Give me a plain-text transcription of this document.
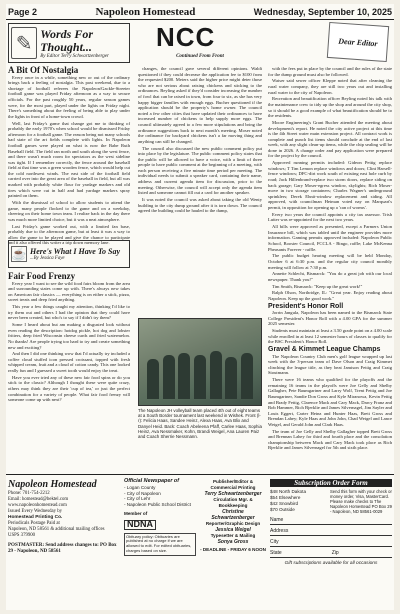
Page 2	Napoleon Homestead	Wednesday, September 10, 2025
✎ Words For Thought...
By Editor Terry Schwartzenberger
NCC
Continued From Front
Dear Editor
A Bit Of Nostalgia

Every once in a while, something new or out of the ordinary brings back a feeling of nostalgia. This past weekend, due to a shortage of football referees the Napoleon/Gackle-Streeter football game was played Friday afternoon as a way to secure officials. For the past roughly 50 years, regular season games were, for the most part, played under the lights on Friday night. There's something about the feeling of being able to play under the lights in front of a home-town crowd.

Well, last Friday's game that change got me to thinking of probably the early 1970's when school would be dismissed Friday afternoon for a football game. The reason being not many schools had state of the art fields complete with lights. In Napoleon football games were played on what is now the Babe Ruth Baseball field. The field ran north and south along the west fence, and there wasn't much room for spectators as the west sideline was tight. If I remember correctly, the fence around the baseball field at that time was a green wooden fence, which would help cut the cold northwest winds. The east side of the football field carried over into the great area of the baseball in field, but all was marked with probably white flour for yardage markers and old tires which were cut in half and had yardage markers spray painted on them.

With the dismissal of school to allow students to attend the game, many people flocked to the game and on a weekday, cheering on their home town team. I realize back in the day there was much more limited choice, but it was a neat atmosphere.

Last Friday's game worked out, with a limited fan base, probably due to the afternoon game, but at least it was a way to allow the game to be played and give the chance to participate and it also offered this writer a trip down memory lane.

☕ Here's What I Have To Say
...By Jessica Faye
Fair Food Frenzy

Every year I want to see the wild food fairs bloom from the area and surrounding states come up with. There's always new takes on American fair classics — everything is on either a stick, pizza, sweet treats and deep fried anything.

This year a few things caught my attention, thinking I'd like to try them out and others I had the opinion that they could have never been created, but who's to say if I didn't try them?

Some I heard about but am making a disgusted look without even reading the description: hotdog pickle, hot dog and lobster fritters, deep fried Wisconsin cheese curds and fried watermelon. No thanks! Are people trying too hard to try and create something new and exciting?

And then I did one thinking wow that I'd actually try included a coffee cloud stuffed icon pressed croissant, topped with fresh whipped cream, fruit and a cloud of cotton candy. This one looked really fun and I guessed a sweet tooth would enjoy the treat.

Have you ever tried any of these new fair food spins or do you stick to the classic? Although I thought these were quite crazy, others may think they are their 'cup of tea,' or just the perfect combination for a variety of people. What fair food frenzy will someone come up with next?

changes, the council gave several different opinions. Waldi questioned if they could decrease the application fee to $100 from the requested $200. Meiers said the higher price might deter those who are not serious about raising chickens and sticking to the ordinances. Beyling asked if they'd consider increasing the number of fowl that can be raised in town, from four to six, as she has very happy bigger families with enough eggs. Bucher questioned if the application should be the property's home owner. The council noted a few other cities that have updated their ordinances to have increased number of chickens to help supply more eggs. The council ultimately agreed to a few more stipulations and bring the ordinance suggestions back to next month's meeting. Moser noted the ordinance for backyard chickens isn't a far moving thing and anything can still be changed.

The council also discussed the new public comment policy put into place by the legislature. The public comment policy states that the public will be allowed to have a voice, with a limit of three people to have public comment at the beginning of a meeting, with each person receiving a five minute time period per meeting. The individual needs to submit a speaker card, containing their name, address and current agenda item for discussion, prior to the meeting. Otherwise, the council will accept only the agenda item listed and someone cannot fill out a card for another speaker.

It was noted the council was asked about taking the old Wenty building to the city dump ground after it is torn down. The council agreed the building could be hauled to the dump,

The Napoleon JH volleyball team placed 4th out of eight teams at a South Border tournament last weekend in Wishek. Front (l-r): Felicia Haas, Sandee Heinz, Alexa Haas, Ava Blix and Danyel Heid. Back: Coach Abeleena Pfaff, Carlee Haas, Sophia Heinz, Ava Nessmaker, Kohn, Brandi Weigel, Ana Lauren Paiz and Coach Sherrie Nessmann.

with the fees put in place by the council and the rules of the state for the dump ground must also be followed.

Waiser said sewer officer Kleppe noted that after cleaning the rural water company, they are still two years out and installing rural water to the city of Napoleon.

Recreation and beautification officer Beyling noted his talk with the maintenance crew to tidy up the shop and around the city shop, so it should be a good example of what beautification should be to the residents.

Moore Engineering's Grant Bucher attended the meeting about development's report. He noted the city active project at this time is the 4th Street water main extension project. All contract work is complete and punch list items should conclude at the end of last week, with any slight clean-up items, while the chip sealing will be done in 2026. A change order and pay application were prepared for the project by the council.

Approved running permits included: Gideon Pettig replace windows; T Tim Lemon replace windows and doors; Clint Harsell-fence windows; DFC-dirt work south of existing east hole curb by road; Jack Hillenbrand-replace two storm doors, replace siding on back garage; Gary Moser-egress window, skylights; Rich Moser-move in two storage containers; Charles Wagner's underground sprinklers; Derek Ehnit-window replacement and siding. All approved, with councilman Heiman voted nay on Marquart's permit, in opposition for opening up a 'can of worms'.

Every two years the council appoints a city tax assessor. Trish Lutter was re-appointed for the next two years.

All bills were approved as presented, except a Farmers Union Insurance bill, which was tabled until the engineer provides more information. Gaming permits approved included: Napoleon Public School, Booster Council, FCCLA - Bingo, raffle; Lake McKenna Pheasants Forever - raffle.

The public budget hearing meeting will be held Monday, October 6 at 6:30 p.m. and the regular city council monthly meeting will follow at 7:30 p.m.

Annette Schlecht, Bismarck: "You do a great job with our local newspaper. Thank you!"

Tim Smith, Bismarck: "Keep up the great work!"

Ralph Olson, Northridge, IL: "Great year. Enjoy reading about Napoleon. Keep up the good work."

President's Honor Roll

Jorrin Jangula, Napoleon has been named to the Bismarck State College President's Honor Roll with a 4.00 GPA for the summer 2025 semester.

Students must maintain at least a 3.50 grade point on a 4.00 scale while enrolled in at least 12 semester hours of classes to qualify for the BSC President's Honor Roll.

Gravel & Kimmet League Champs

The Napoleon Country Club men's golf league wrapped up last week with the 3-person team of Dave Olson and Craig Kimmet clinching the league title, as they beat Jamison Fettig and Craig Stoutmann.

There were 16 teams who qualified for the playoffs and the remaining 16 teams in the playoffs were Joe Gelly and Shelby Gallagher, Pete Baumgartner and Larry Wolf, Trent Fettig and Joe Baumgartner, Sandie Don Gross and Kyle Miranowa, Kevin Fettig and Brady Fettig, Clarence Mack and Cary Mack, Darcy Franz and Bob Hammer, Rich Bjerklie and James Silvernagel, Jim Sayler and Louis Eggert, Carter Heinz and Hunter Haas, Brett Gross and Brendan Lahey; Kyle Haas and John John, Chad Weigel and Lance Weigel, and Gerald John and Clark Haas.

The team of Joe Gelly and Shelby Gallagher topped Brett Gross and Brennan Lahey for third and fourth place and the consolation championship between Mack and Cary Mack took place as Rich Bjerklie and James Silvernagel for 5th and sixth place.

Napoleon Homestead
Phone: 701-754-2212
Email: homestead@bektel.com
www.napoleonhomestead.com
Issued Every Wednesday by
Homestead Printing Co.
Periodicals Postage Paid at
Napoleon, ND 58561 & additional mailing offices
USPS 379900
POSTMASTER: Send address changes to: PO Box 29 - Napoleon, ND 58561
Official Newspaper of
- Logan County
- City of Napoleon
- City of Lehr
- Napoleon Public School District
Member of
NDNA
Obituary policy: Obituaries are published at no charge if we are allowed to edit. For edited obituaries, charges based on size.
Publisher/Editor & Commercial Printing
Terry Schwartzenberger
Circulation Mgr. & Bookkeeping
Christine Schwartzenberger
Reporter/Graphic Design
Jessica Weigel
Typesetter & Mailing
Sonya Gross
- DEADLINE - FRIDAY 6 NOON
Subscription Order Form
$48 North Dakota
$54 Elsewhere
$42 Snowbird
$70 Outside
Send this form with your check or money order, Visa, MasterCard. Please make checks to The Napoleon Homestead PO Box 29 - Napoleon, ND 58561-0029
Name
Address
City
State	Zip
Gift subscriptions available for all occasions
